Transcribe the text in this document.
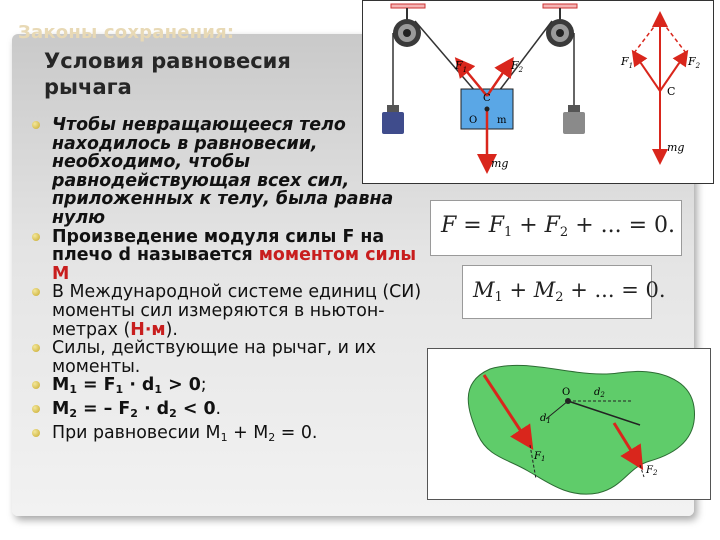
Законы сохранения:
Условия равновесия
рычага
Чтобы невращающееся тело находилось в равновесии, необходимо, чтобы равнодействующая всех сил, приложенных к телу, была равна нулю
Произведение модуля силы F на плечо d называется моментом силы M
В Международной системе единиц (СИ) моменты сил измеряются в ньютон-метрах (Н∙м).
Силы, действующие на рычаг, и их моменты.
$M_1 = F_1 \cdot d_1 > 0$;
$M_2$ = – $F_2 \cdot d_2 < 0$.
При равновесии $M_1 + M_2 = 0$.
$F_1$	$F_2$
C
O m
mg
$F_1$	$F_2$
C
mg
F = F1 + F2 + ... = 0.
M1 + M2 + ... = 0.
O
$d_1$
$d_2$
$F_1$
$F_2$
